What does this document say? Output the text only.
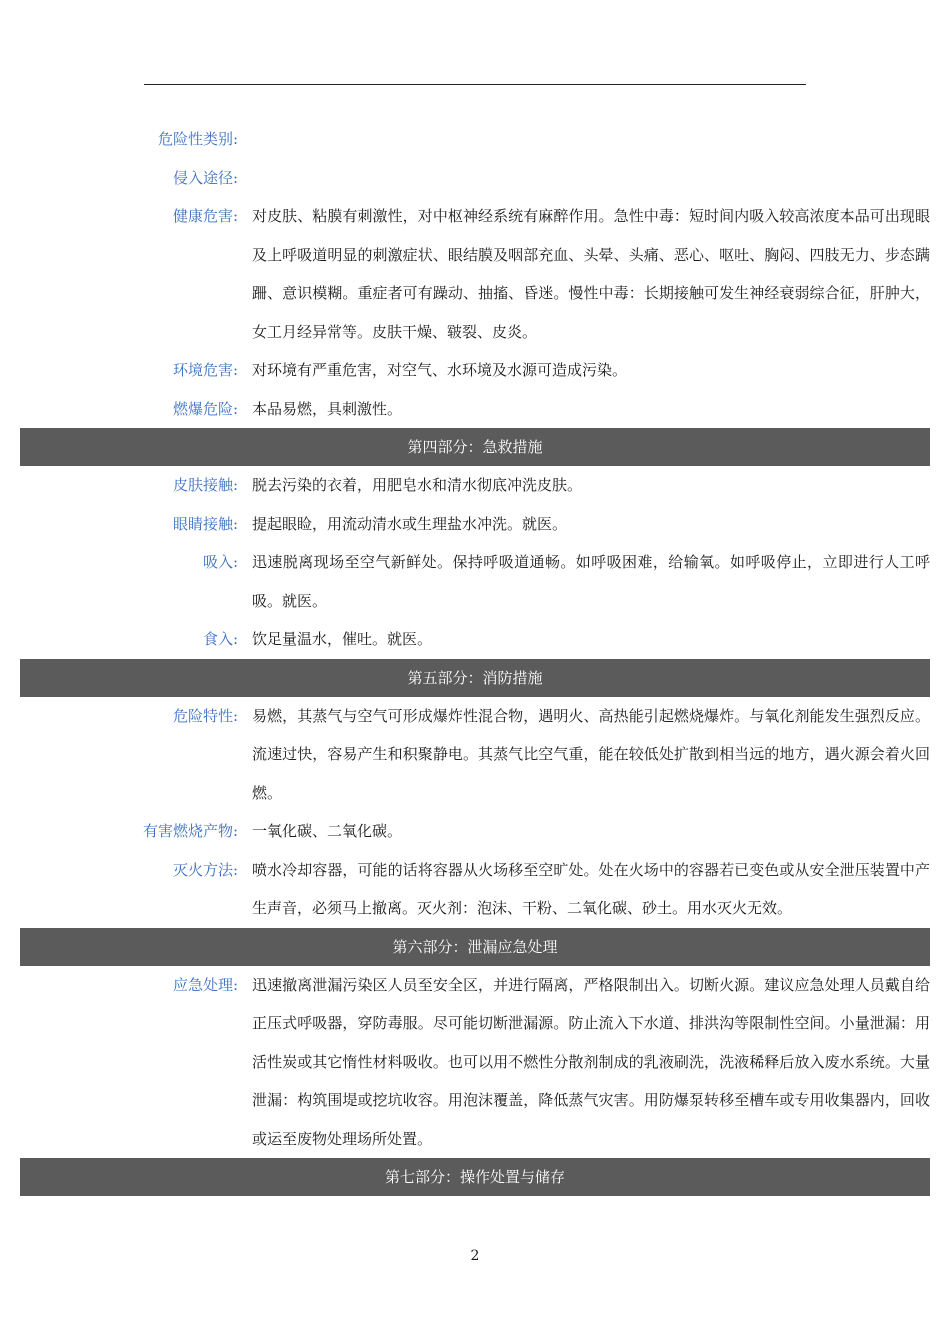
危险性类别:
侵入途径:
健康危害: 对皮肤、粘膜有刺激性，对中枢神经系统有麻醉作用。急性中毒：短时间内吸入较高浓度本品可出现眼及上呼吸道明显的刺激症状、眼结膜及咽部充血、头晕、头痛、恶心、呕吐、胸闷、四肢无力、步态蹒跚、意识模糊。重症者可有躁动、抽搐、昏迷。慢性中毒：长期接触可发生神经衰弱综合征，肝肿大，女工月经异常等。皮肤干燥、皲裂、皮炎。
环境危害: 对环境有严重危害，对空气、水环境及水源可造成污染。
燃爆危险: 本品易燃，具刺激性。
第四部分：急救措施
皮肤接触: 脱去污染的衣着，用肥皂水和清水彻底冲洗皮肤。
眼睛接触: 提起眼睑，用流动清水或生理盐水冲洗。就医。
吸入: 迅速脱离现场至空气新鲜处。保持呼吸道通畅。如呼吸困难，给输氧。如呼吸停止，立即进行人工呼吸。就医。
食入: 饮足量温水，催吐。就医。
第五部分：消防措施
危险特性: 易燃，其蒸气与空气可形成爆炸性混合物，遇明火、高热能引起燃烧爆炸。与氧化剂能发生强烈反应。流速过快，容易产生和积聚静电。其蒸气比空气重，能在较低处扩散到相当远的地方，遇火源会着火回燃。
有害燃烧产物: 一氧化碳、二氧化碳。
灭火方法: 喷水冷却容器，可能的话将容器从火场移至空旷处。处在火场中的容器若已变色或从安全泄压装置中产生声音，必须马上撤离。灭火剂：泡沫、干粉、二氧化碳、砂土。用水灭火无效。
第六部分：泄漏应急处理
应急处理: 迅速撤离泄漏污染区人员至安全区，并进行隔离，严格限制出入。切断火源。建议应急处理人员戴自给正压式呼吸器，穿防毒服。尽可能切断泄漏源。防止流入下水道、排洪沟等限制性空间。小量泄漏：用活性炭或其它惰性材料吸收。也可以用不燃性分散剂制成的乳液刷洗，洗液稀释后放入废水系统。大量泄漏：构筑围堤或挖坑收容。用泡沫覆盖，降低蒸气灾害。用防爆泵转移至槽车或专用收集器内，回收或运至废物处理场所处置。
第七部分：操作处置与储存
2
